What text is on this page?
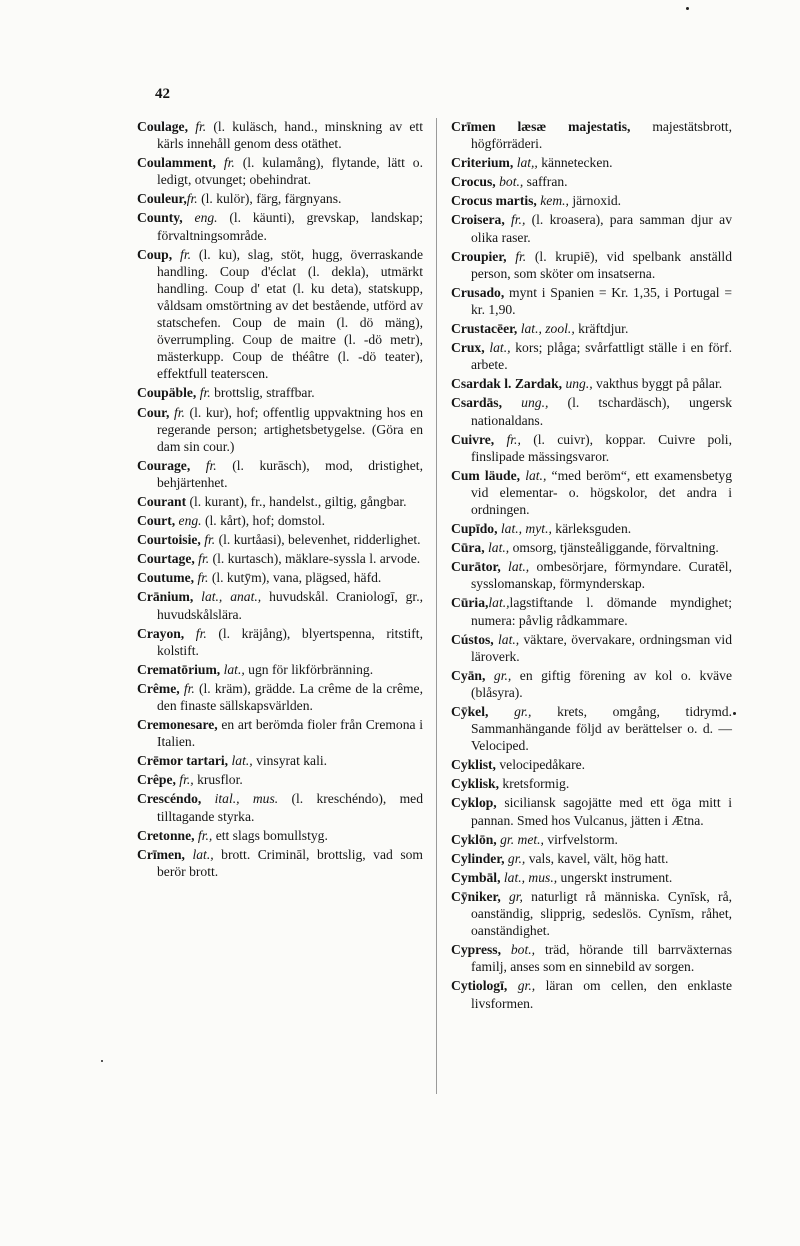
42
Coulage, fr. (l. kuläsch, hand., minskning av ett kärls innehåll genom dess otäthet.
Coulamment, fr. (l. kulamång), flytande, lätt o. ledigt, otvunget; obehindrat.
Couleur,fr. (l. kulör), färg, färgnyans.
County, eng. (l. käunti), grevskap, landskap; förvaltningsområde.
Coup, fr. (l. ku), slag, stöt, hugg, överraskande handling. Coup d'éclat (l. dekla), utmärkt handling. Coup d' etat (l. ku deta), statskupp, våldsam omstörtning av det bestående, utförd av statschefen. Coup de main (l. dö mäng), överrumpling. Coup de maitre (l. -dö metr), mästerkupp. Coup de théâtre (l. -dö teater), effektfull teaterscen.
Coupäble, fr. brottslig, straffbar.
Cour, fr. (l. kur), hof; offentlig uppvaktning hos en regerande person; artighetsbetygelse. (Göra en dam sin cour.)
Courage, fr. (l. kurāsch), mod, dristighet, behjärtenhet.
Courant (l. kurant), fr., handelst., giltig, gångbar.
Court, eng. (l. kårt), hof; domstol.
Courtoisie, fr. (l. kurtåasi), belevenhet, ridderlighet.
Courtage, fr. (l. kurtasch), mäklare-syssla l. arvode.
Coutume, fr. (l. kutȳm), vana, plägsed, häfd.
Crānium, lat., anat., huvudskål. Craniologī, gr., huvudskålslära.
Crayon, fr. (l. kräjång), blyertspenna, ritstift, kolstift.
Crematōrium, lat., ugn för likförbränning.
Crême, fr. (l. kräm), grädde. La crême de la crême, den finaste sällskapsvärlden.
Cremonesare, en art berömda fioler från Cremona i Italien.
Crēmor tartari, lat., vinsyrat kali.
Crêpe, fr., krusflor.
Crescéndo, ital., mus. (l. kreschéndo), med tilltagande styrka.
Cretonne, fr., ett slags bomullstyg.
Crīmen, lat., brott. Crimināl, brottslig, vad som berör brott.
Crīmen læsæ majestatis, majestätsbrott, högförräderi.
Criterium, lat,, kännetecken.
Crocus, bot., saffran.
Crocus martis, kem., järnoxid.
Croisera, fr., (l. kroasera), para samman djur av olika raser.
Croupier, fr. (l. krupiē), vid spelbank anställd person, som sköter om insatserna.
Crusado, mynt i Spanien = Kr. 1,35, i Portugal = kr. 1,90.
Crustacēer, lat., zool., kräftdjur.
Crux, lat., kors; plåga; svårfattligt ställe i en förf. arbete.
Csardak l. Zardak, ung., vakthus byggt på pålar.
Csardās, ung., (l. tschardäsch), ungersk nationaldans.
Cuivre, fr., (l. cuivr), koppar. Cuivre poli, finslipade mässingsvaror.
Cum läude, lat., “med beröm“, ett examensbetyg vid elementar- o. högskolor, det andra i ordningen.
Cupīdo, lat., myt., kärleksguden.
Cūra, lat., omsorg, tjänsteåliggande, förvaltning.
Curātor, lat., ombesörjare, förmyndare. Curatēl, sysslomanskap, förmynderskap.
Cūria,lat.,lagstiftande l. dömande myndighet; numera: påvlig rådkammare.
Cústos, lat., väktare, övervakare, ordningsman vid läroverk.
Cyān, gr., en giftig förening av kol o. kväve (blåsyra).
Cȳkel, gr., krets, omgång, tidrymd. Sammanhängande följd av berättelser o. d. — Velociped.
Cyklist, velocipedåkare.
Cyklisk, kretsformig.
Cyklop, siciliansk sagojätte med ett öga mitt i pannan. Smed hos Vulcanus, jätten i Ætna.
Cyklōn, gr. met., virfvelstorm.
Cylinder, gr., vals, kavel, vält, hög hatt.
Cymbāl, lat., mus., ungerskt instrument.
Cȳniker, gr, naturligt rå människa. Cynīsk, rå, oanständig, slipprig, sedeslös. Cynīsm, råhet, oanständighet.
Cypress, bot., träd, hörande till barrväxternas familj, anses som en sinnebild av sorgen.
Cytiologī, gr., läran om cellen, den enklaste livsformen.
